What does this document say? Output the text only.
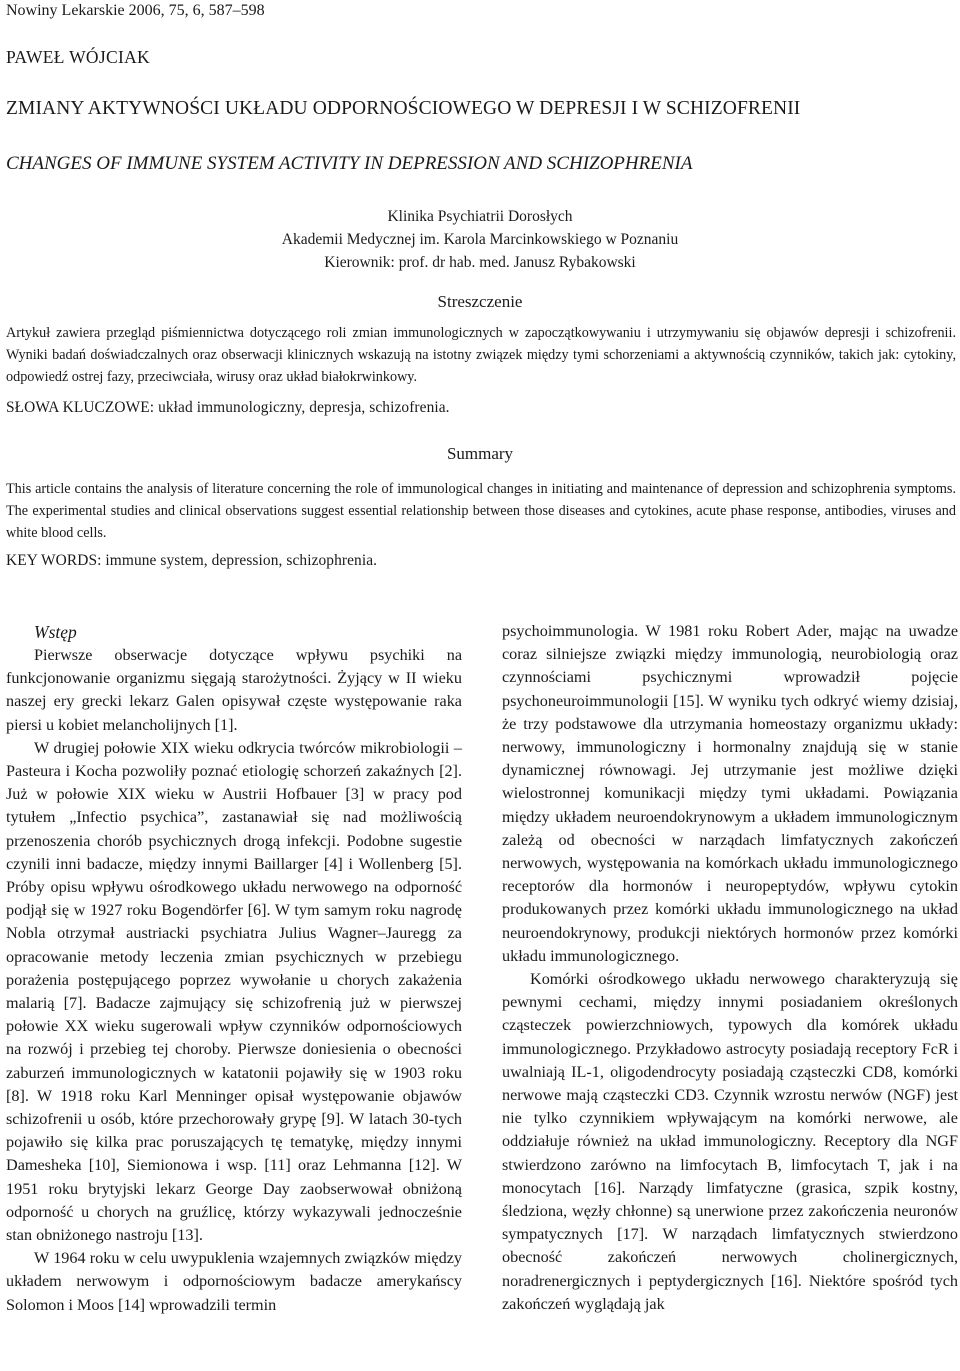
Nowiny Lekarskie 2006, 75, 6, 587–598
PAWEŁ WÓJCIAK
ZMIANY AKTYWNOŚCI UKŁADU ODPORNOŚCIOWEGO W DEPRESJI I W SCHIZOFRENII
CHANGES OF IMMUNE SYSTEM ACTIVITY IN DEPRESSION AND SCHIZOPHRENIA
Klinika Psychiatrii Dorosłych
Akademii Medycznej im. Karola Marcinkowskiego w Poznaniu
Kierownik: prof. dr hab. med. Janusz Rybakowski
Streszczenie
Artykuł zawiera przegląd piśmiennictwa dotyczącego roli zmian immunologicznych w zapoczątkowywaniu i utrzymywaniu się objawów depresji i schizofrenii. Wyniki badań doświadczalnych oraz obserwacji klinicznych wskazują na istotny związek między tymi schorzeniami a aktywnością czynników, takich jak: cytokiny, odpowiedź ostrej fazy, przeciwciała, wirusy oraz układ białokrwinkowy.
SŁOWA KLUCZOWE: układ immunologiczny, depresja, schizofrenia.
Summary
This article contains the analysis of literature concerning the role of immunological changes in initiating and maintenance of depression and schizophrenia symptoms. The experimental studies and clinical observations suggest essential relationship between those diseases and cytokines, acute phase response, antibodies, viruses and white blood cells.
KEY WORDS: immune system, depression, schizophrenia.
Wstęp

Pierwsze obserwacje dotyczące wpływu psychiki na funkcjonowanie organizmu sięgają starożytności. Żyjący w II wieku naszej ery grecki lekarz Galen opisywał częste występowanie raka piersi u kobiet melancholijnych [1].

W drugiej połowie XIX wieku odkrycia twórców mikrobiologii – Pasteura i Kocha pozwoliły poznać etiologię schorzeń zakaźnych [2]. Już w połowie XIX wieku w Austrii Hofbauer [3] w pracy pod tytułem „Infectio psychica”, zastanawiał się nad możliwością przenoszenia chorób psychicznych drogą infekcji. Podobne sugestie czynili inni badacze, między innymi Baillarger [4] i Wollenberg [5]. Próby opisu wpływu ośrodkowego układu nerwowego na odporność podjął się w 1927 roku Bogendörfer [6]. W tym samym roku nagrodę Nobla otrzymał austriacki psychiatra Julius Wagner–Jauregg za opracowanie metody leczenia zmian psychicznych w przebiegu porażenia postępującego poprzez wywołanie u chorych zakażenia malarią [7]. Badacze zajmujący się schizofrenią już w pierwszej połowie XX wieku sugerowali wpływ czynników odpornościowych na rozwój i przebieg tej choroby. Pierwsze doniesienia o obecności zaburzeń immunologicznych w katatonii pojawiły się w 1903 roku [8]. W 1918 roku Karl Menninger opisał występowanie objawów schizofrenii u osób, które przechorowały grypę [9]. W latach 30-tych pojawiło się kilka prac poruszających tę tematykę, między innymi Damesheka [10], Siemionowa i wsp. [11] oraz Lehmanna [12]. W 1951 roku brytyjski lekarz George Day zaobserwował obniżoną odporność u chorych na gruźlicę, którzy wykazywali jednocześnie stan obniżonego nastroju [13].

W 1964 roku w celu uwypuklenia wzajemnych związków między układem nerwowym i odpornościowym badacze amerykańscy Solomon i Moos [14] wprowadzili termin

psychoimmunologia. W 1981 roku Robert Ader, mając na uwadze coraz silniejsze związki między immunologią, neurobiologią oraz czynnościami psychicznymi wprowadził pojęcie psychoneuroimmunologii [15]. W wyniku tych odkryć wiemy dzisiaj, że trzy podstawowe dla utrzymania homeostazy organizmu układy: nerwowy, immunologiczny i hormonalny znajdują się w stanie dynamicznej równowagi. Jej utrzymanie jest możliwe dzięki wielostronnej komunikacji między tymi układami. Powiązania między układem neuroendokrynowym a układem immunologicznym zależą od obecności w narządach limfatycznych zakończeń nerwowych, występowania na komórkach układu immunologicznego receptorów dla hormonów i neuropeptydów, wpływu cytokin produkowanych przez komórki układu immunologicznego na układ neuroendokrynowy, produkcji niektórych hormonów przez komórki układu immunologicznego.

Komórki ośrodkowego układu nerwowego charakteryzują się pewnymi cechami, między innymi posiadaniem określonych cząsteczek powierzchniowych, typowych dla komórek układu immunologicznego. Przykładowo astrocyty posiadają receptory FcR i uwalniają IL-1, oligodendrocyty posiadają cząsteczki CD8, komórki nerwowe mają cząsteczki CD3. Czynnik wzrostu nerwów (NGF) jest nie tylko czynnikiem wpływającym na komórki nerwowe, ale oddziałuje również na układ immunologiczny. Receptory dla NGF stwierdzono zarówno na limfocytach B, limfocytach T, jak i na monocytach [16]. Narządy limfatyczne (grasica, szpik kostny, śledziona, węzły chłonne) są unerwione przez zakończenia neuronów sympatycznych [17]. W narządach limfatycznych stwierdzono obecność zakończeń nerwowych cholinergicznych, noradrenergicznych i peptydergicznych [16]. Niektóre spośród tych zakończeń wyglądają jak
